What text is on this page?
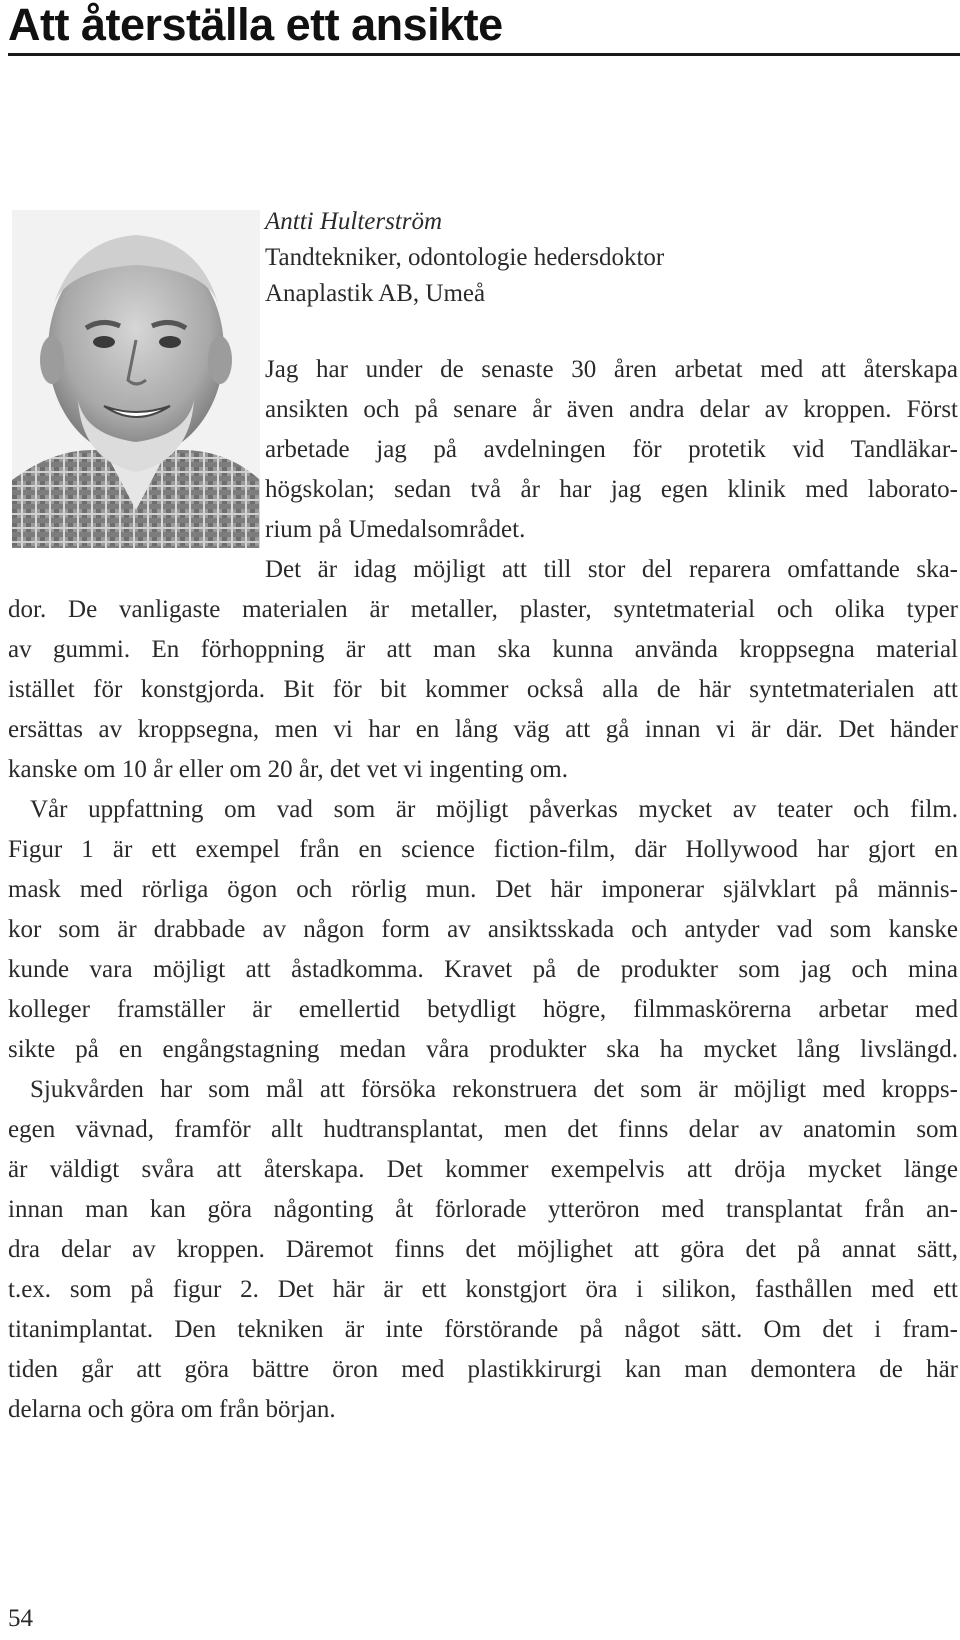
Att återställa ett ansikte
Antti Hulterström
Tandtekniker, odontologie hedersdoktor
Anaplastik AB, Umeå
Jag har under de senaste 30 åren arbetat med att återskapa
ansikten och på senare år även andra delar av kroppen. Först
arbetade jag på avdelningen för protetik vid Tandläkar-
högskolan; sedan två år har jag egen klinik med laborato-
rium på Umedalsområdet.
Det är idag möjligt att till stor del reparera omfattande ska-
dor. De vanligaste materialen är metaller, plaster, syntetmaterial och olika typer
av gummi. En förhoppning är att man ska kunna använda kroppsegna material
istället för konstgjorda. Bit för bit kommer också alla de här syntetmaterialen att
ersättas av kroppsegna, men vi har en lång väg att gå innan vi är där. Det händer
kanske om 10 år eller om 20 år, det vet vi ingenting om.
Vår uppfattning om vad som är möjligt påverkas mycket av teater och film.
Figur 1 är ett exempel från en science fiction-film, där Hollywood har gjort en
mask med rörliga ögon och rörlig mun. Det här imponerar självklart på männis-
kor som är drabbade av någon form av ansiktsskada och antyder vad som kanske
kunde vara möjligt att åstadkomma. Kravet på de produkter som jag och mina
kolleger framställer är emellertid betydligt högre, filmmaskörerna arbetar med
sikte på en engångstagning medan våra produkter ska ha mycket lång livslängd.
Sjukvården har som mål att försöka rekonstruera det som är möjligt med kropps-
egen vävnad, framför allt hudtransplantat, men det finns delar av anatomin som
är väldigt svåra att återskapa. Det kommer exempelvis att dröja mycket länge
innan man kan göra någonting åt förlorade ytteröron med transplantat från an-
dra delar av kroppen. Däremot finns det möjlighet att göra det på annat sätt,
t.ex. som på figur 2. Det här är ett konstgjort öra i silikon, fasthållen med ett
titanimplantat. Den tekniken är inte förstörande på något sätt. Om det i fram-
tiden går att göra bättre öron med plastikkirurgi kan man demontera de här
delarna och göra om från början.
54
